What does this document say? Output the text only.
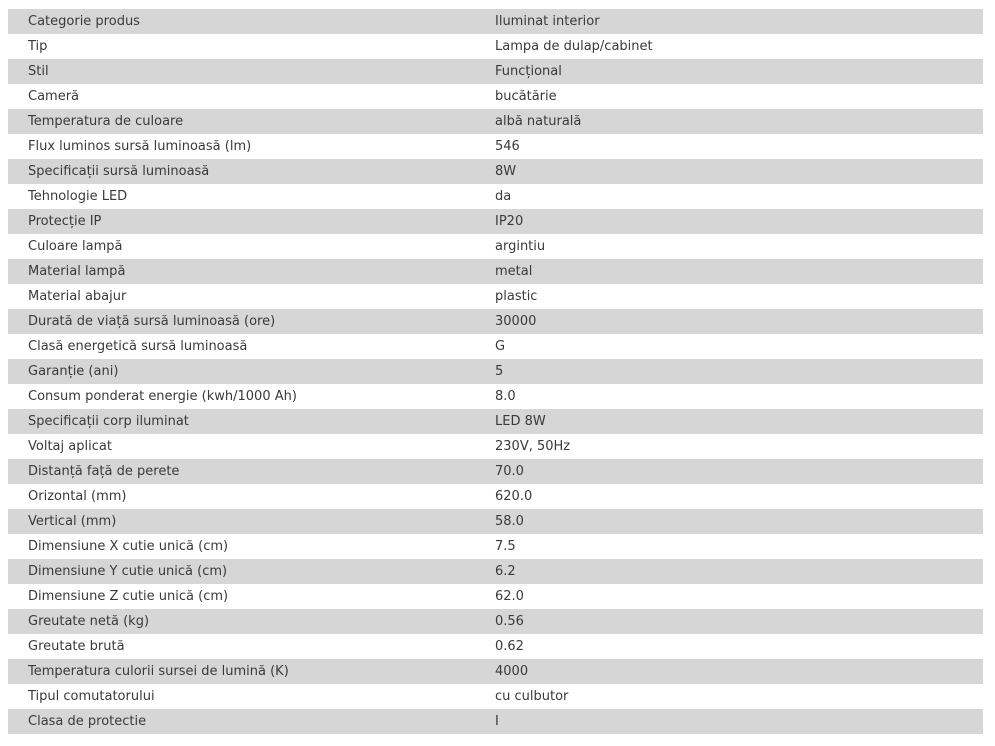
Categorie produs	Iluminat interior
Tip	Lampa de dulap/cabinet
Stil	Funcțional
Cameră	bucătărie
Temperatura de culoare	albă naturală
Flux luminos sursă luminoasă (lm)	546
Specificații sursă luminoasă	8W
Tehnologie LED	da
Protecție IP	IP20
Culoare lampă	argintiu
Material lampă	metal
Material abajur	plastic
Durată de viață sursă luminoasă (ore)	30000
Clasă energetică sursă luminoasă	G
Garanție (ani)	5
Consum ponderat energie (kwh/1000 Ah)	8.0
Specificații corp iluminat	LED 8W
Voltaj aplicat	230V, 50Hz
Distanță față de perete	70.0
Orizontal (mm)	620.0
Vertical (mm)	58.0
Dimensiune X cutie unică (cm)	7.5
Dimensiune Y cutie unică (cm)	6.2
Dimensiune Z cutie unică (cm)	62.0
Greutate netă (kg)	0.56
Greutate brută	0.62
Temperatura culorii sursei de lumină (K)	4000
Tipul comutatorului	cu culbutor
Clasa de protectie	I
